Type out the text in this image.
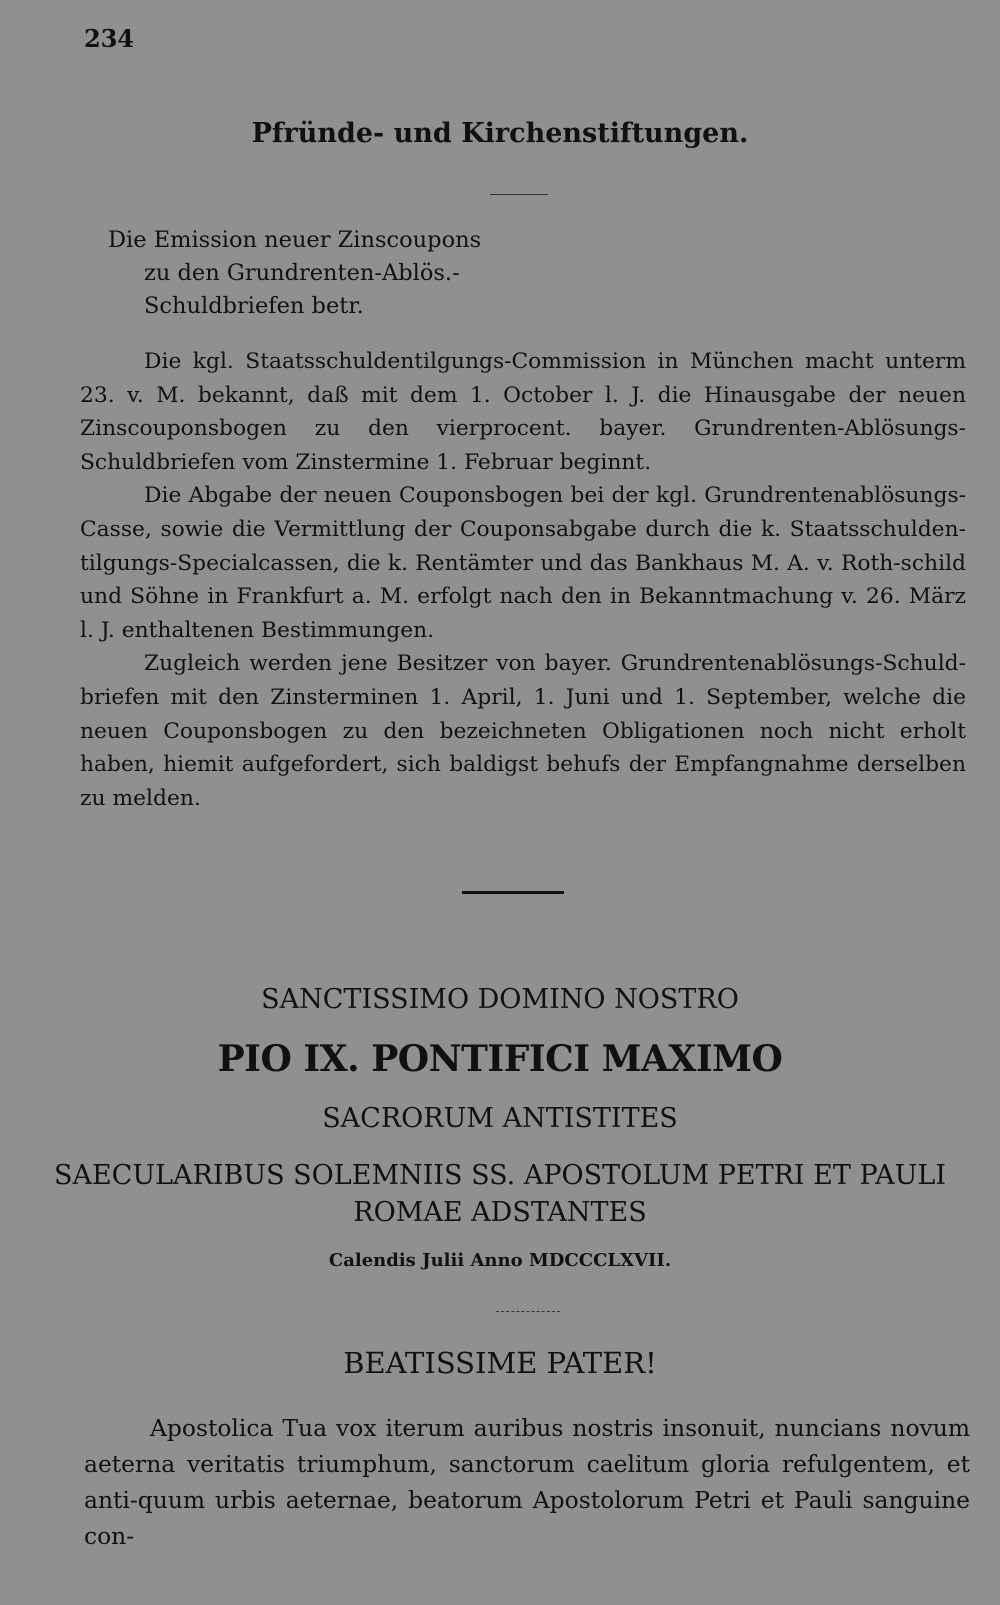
234
Pfründe- und Kirchenstiftungen.
Die Emission neuer Zinscoupons
zu den Grundrenten-Ablös.-
Schuldbriefen betr.
Die kgl. Staatsschuldentilgungs-Commission in München macht unterm 23. v. M. bekannt, daß mit dem 1. October l. J. die Hinausgabe der neuen Zinscouponsbogen zu den vierprocent. bayer. Grundrenten-Ablösungs-Schuldbriefen vom Zinstermine 1. Februar beginnt.
Die Abgabe der neuen Couponsbogen bei der kgl. Grundrentenablösungs-Casse, sowie die Vermittlung der Couponsabgabe durch die k. Staatsschulden-tilgungs-Specialcassen, die k. Rentämter und das Bankhaus M. A. v. Roth-schild und Söhne in Frankfurt a. M. erfolgt nach den in Bekanntmachung v. 26. März l. J. enthaltenen Bestimmungen.
Zugleich werden jene Besitzer von bayer. Grundrentenablösungs-Schuld-briefen mit den Zinsterminen 1. April, 1. Juni und 1. September, welche die neuen Couponsbogen zu den bezeichneten Obligationen noch nicht erholt haben, hiemit aufgefordert, sich baldigst behufs der Empfangnahme derselben zu melden.
SANCTISSIMO DOMINO NOSTRO
PIO IX. PONTIFICI MAXIMO
SACRORUM ANTISTITES
SAECULARIBUS SOLEMNIIS SS. APOSTOLUM PETRI ET PAULI
ROMAE ADSTANTES
Calendis Julii Anno MDCCCLXVII.
BEATISSIME PATER!
Apostolica Tua vox iterum auribus nostris insonuit, nuncians novum aeterna veritatis triumphum, sanctorum caelitum gloria refulgentem, et anti-quum urbis aeternae, beatorum Apostolorum Petri et Pauli sanguine con-
